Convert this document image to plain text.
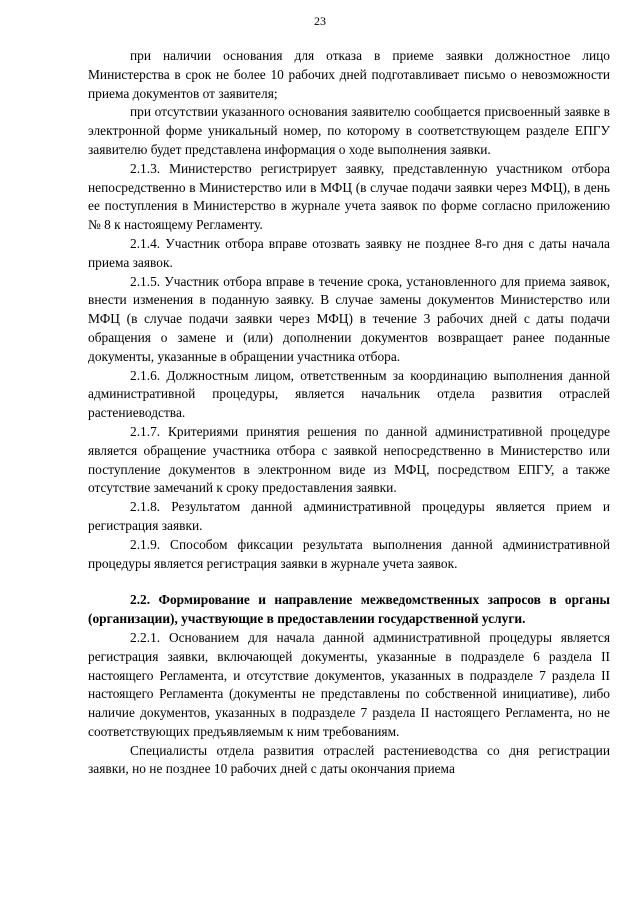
23

при наличии основания для отказа в приеме заявки должностное лицо Министерства в срок не более 10 рабочих дней подготавливает письмо о невозможности приема документов от заявителя;

при отсутствии указанного основания заявителю сообщается присвоенный заявке в электронной форме уникальный номер, по которому в соответствующем разделе ЕПГУ заявителю будет представлена информация о ходе выполнения заявки.

2.1.3. Министерство регистрирует заявку, представленную участником отбора непосредственно в Министерство или в МФЦ (в случае подачи заявки через МФЦ), в день ее поступления в Министерство в журнале учета заявок по форме согласно приложению № 8 к настоящему Регламенту.

2.1.4. Участник отбора вправе отозвать заявку не позднее 8-го дня с даты начала приема заявок.

2.1.5. Участник отбора вправе в течение срока, установленного для приема заявок, внести изменения в поданную заявку. В случае замены документов Министерство или МФЦ (в случае подачи заявки через МФЦ) в течение 3 рабочих дней с даты подачи обращения о замене и (или) дополнении документов возвращает ранее поданные документы, указанные в обращении участника отбора.

2.1.6. Должностным лицом, ответственным за координацию выполнения данной административной процедуры, является начальник отдела развития отраслей растениеводства.

2.1.7. Критериями принятия решения по данной административной процедуре является обращение участника отбора с заявкой непосредственно в Министерство или поступление документов в электронном виде из МФЦ, посредством ЕПГУ, а также отсутствие замечаний к сроку предоставления заявки.

2.1.8. Результатом данной административной процедуры является прием и регистрация заявки.

2.1.9. Способом фиксации результата выполнения данной административной процедуры является регистрация заявки в журнале учета заявок.

2.2. Формирование и направление межведомственных запросов в органы (организации), участвующие в предоставлении государственной услуги.

2.2.1. Основанием для начала данной административной процедуры является регистрация заявки, включающей документы, указанные в подразделе 6 раздела II настоящего Регламента, и отсутствие документов, указанных в подразделе 7 раздела II настоящего Регламента (документы не представлены по собственной инициативе), либо наличие документов, указанных в подразделе 7 раздела II настоящего Регламента, но не соответствующих предъявляемым к ним требованиям.

Специалисты отдела развития отраслей растениеводства со дня регистрации заявки, но не позднее 10 рабочих дней с даты окончания приема
